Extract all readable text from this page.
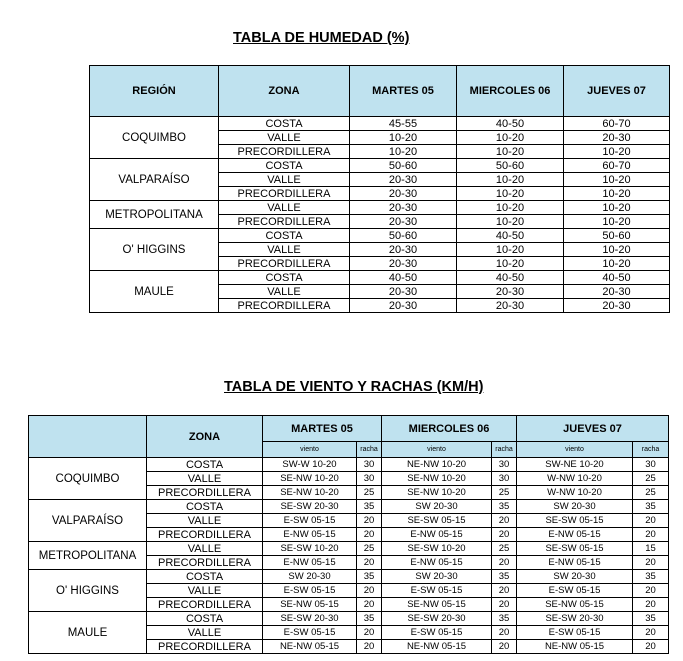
TABLA DE HUMEDAD (%)
REGIÓN	ZONA	MARTES 05	MIERCOLES 06	JUEVES 07
COQUIMBO	COSTA	45-55	40-50	60-70
	VALLE	10-20	10-20	20-30
	PRECORDILLERA	10-20	10-20	10-20
VALPARAÍSO	COSTA	50-60	50-60	60-70
	VALLE	20-30	10-20	10-20
	PRECORDILLERA	20-30	10-20	10-20
METROPOLITANA	VALLE	20-30	10-20	10-20
	PRECORDILLERA	20-30	10-20	10-20
O' HIGGINS	COSTA	50-60	40-50	50-60
	VALLE	20-30	10-20	10-20
	PRECORDILLERA	20-30	10-20	10-20
MAULE	COSTA	40-50	40-50	40-50
	VALLE	20-30	20-30	20-30
	PRECORDILLERA	20-30	20-30	20-30
TABLA DE VIENTO Y RACHAS (KM/H)
	ZONA	MARTES 05		MIERCOLES 06		JUEVES 07	
		viento	racha	viento	racha	viento	racha
COQUIMBO	COSTA	SW-W 10-20	30	NE-NW 10-20	30	SW-NE 10-20	30
	VALLE	SE-NW 10-20	30	SE-NW 10-20	30	W-NW 10-20	25
	PRECORDILLERA	SE-NW 10-20	25	SE-NW 10-20	25	W-NW 10-20	25
VALPARAÍSO	COSTA	SE-SW 20-30	35	SW 20-30	35	SW 20-30	35
	VALLE	E-SW 05-15	20	SE-SW 05-15	20	SE-SW 05-15	20
	PRECORDILLERA	E-NW 05-15	20	E-NW 05-15	20	E-NW 05-15	20
METROPOLITANA	VALLE	SE-SW 10-20	25	SE-SW 10-20	25	SE-SW 05-15	15
	PRECORDILLERA	E-NW 05-15	20	E-NW 05-15	20	E-NW 05-15	20
O' HIGGINS	COSTA	SW 20-30	35	SW 20-30	35	SW 20-30	35
	VALLE	E-SW 05-15	20	E-SW 05-15	20	E-SW 05-15	20
	PRECORDILLERA	SE-NW 05-15	20	SE-NW 05-15	20	SE-NW 05-15	20
MAULE	COSTA	SE-SW 20-30	35	SE-SW 20-30	35	SE-SW 20-30	35
	VALLE	E-SW 05-15	20	E-SW 05-15	20	E-SW 05-15	20
	PRECORDILLERA	NE-NW 05-15	20	NE-NW 05-15	20	NE-NW 05-15	20
